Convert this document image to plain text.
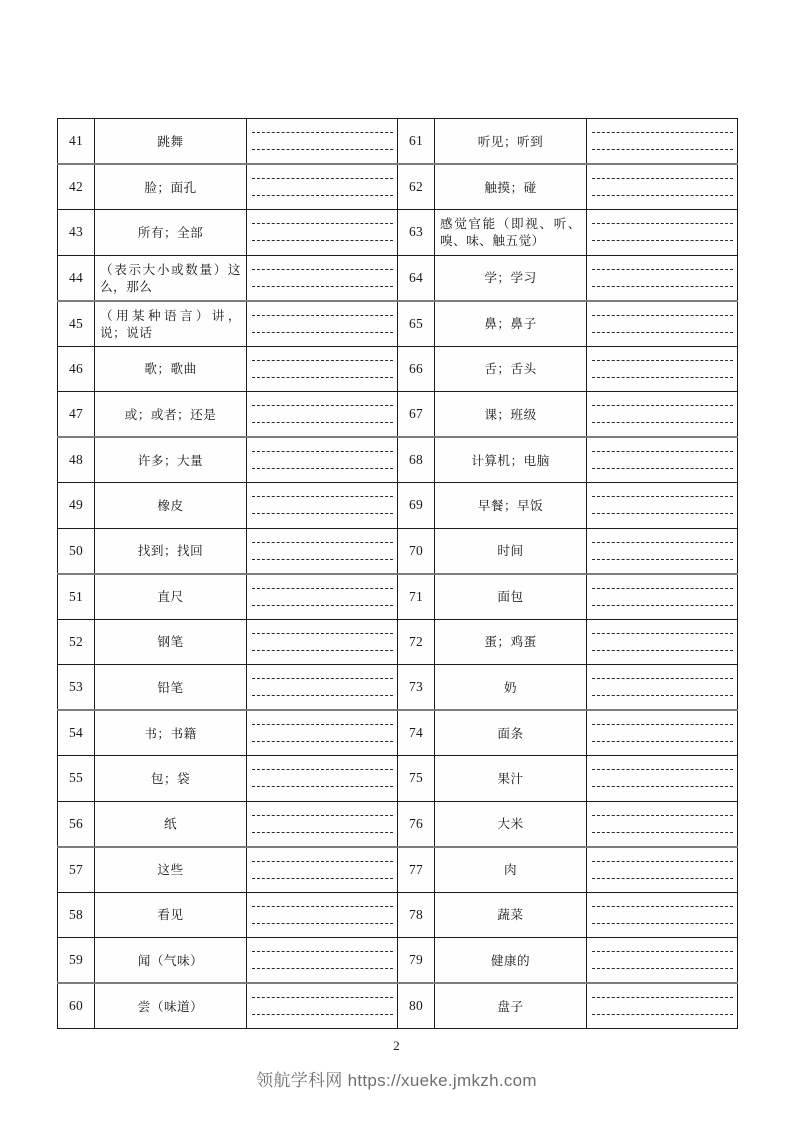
41	跳舞		61	听见；听到	

42	脸；面孔		62	触摸；碰	

43	所有；全部		63	感觉官能（即视、听、嗅、味、触五觉）	

44	（表示大小或数量）这么，那么		64	学；学习	

45	（用某种语言）讲，说；说话		65	鼻；鼻子	

46	歌；歌曲		66	舌；舌头	

47	或；或者；还是		67	课；班级	

48	许多；大量		68	计算机；电脑	

49	橡皮		69	早餐；早饭	

50	找到；找回		70	时间	

51	直尺		71	面包	

52	钢笔		72	蛋；鸡蛋	

53	铅笔		73	奶	

54	书；书籍		74	面条	

55	包；袋		75	果汁	

56	纸		76	大米	

57	这些		77	肉	

58	看见		78	蔬菜	

59	闻（气味）		79	健康的	

60	尝（味道）		80	盘子	
2
领航学科网 https://xueke.jmkzh.com
